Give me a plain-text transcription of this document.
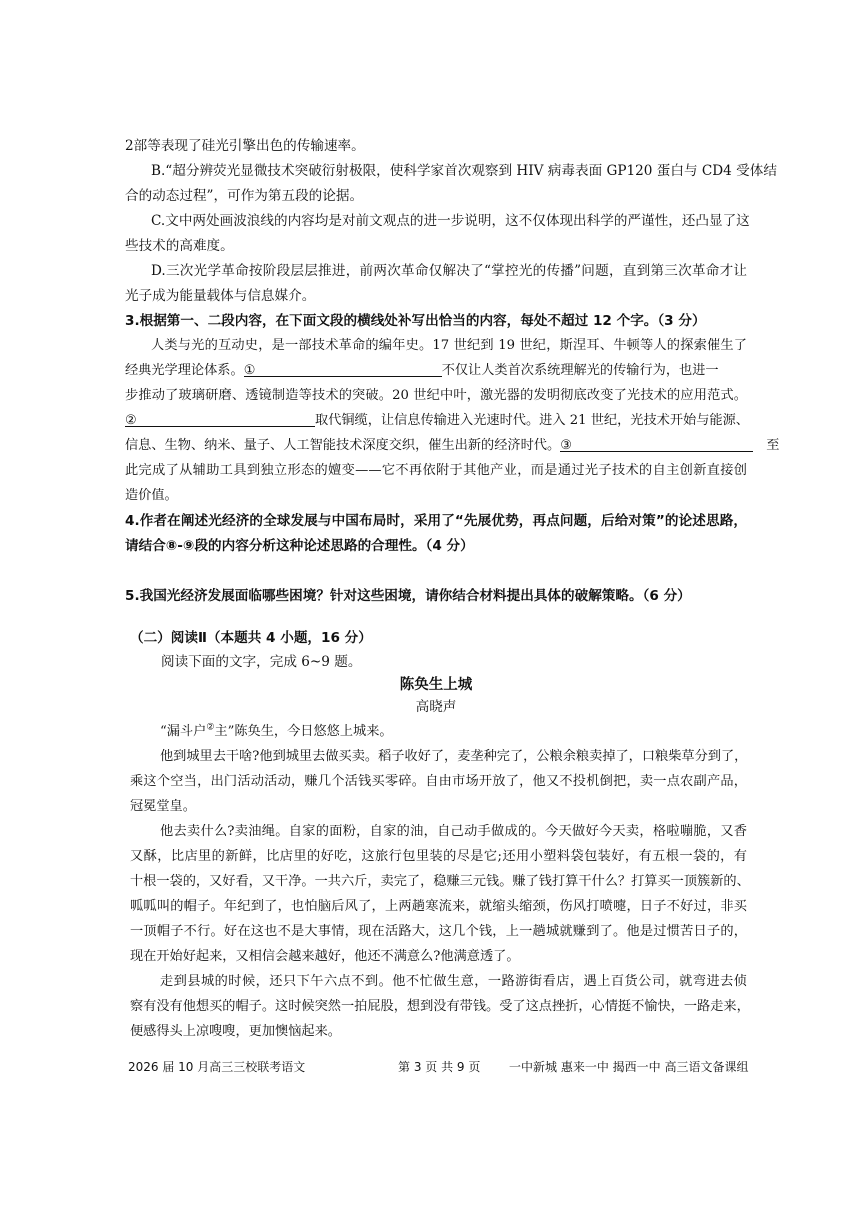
2部等表现了硅光引擎出色的传输速率。
B.“超分辨荧光显微技术突破衍射极限，使科学家首次观察到 HIV 病毒表面 GP120 蛋白与 CD4 受体结
合的动态过程”，可作为第五段的论据。
C.文中两处画波浪线的内容均是对前文观点的进一步说明，这不仅体现出科学的严谨性，还凸显了这
些技术的高难度。
D.三次光学革命按阶段层层推进，前两次革命仅解决了“掌控光的传播”问题，直到第三次革命才让
光子成为能量载体与信息媒介。
3.根据第一、二段内容，在下面文段的横线处补写出恰当的内容，每处不超过 12 个字。（3 分）
人类与光的互动史，是一部技术革命的编年史。17 世纪到 19 世纪，斯涅耳、牛顿等人的探索催生了
经典光学理论体系。①	不仅让人类首次系统理解光的传输行为，也进一
步推动了玻璃研磨、透镜制造等技术的突破。20 世纪中叶，激光器的发明彻底改变了光技术的应用范式。
②	取代铜缆，让信息传输进入光速时代。进入 21 世纪，光技术开始与能源、
信息、生物、纳米、量子、人工智能技术深度交织，催生出新的经济时代。③	至
此完成了从辅助工具到独立形态的嬗变——它不再依附于其他产业，而是通过光子技术的自主创新直接创
造价值。
4.作者在阐述光经济的全球发展与中国布局时，采用了“先展优势，再点问题，后给对策”的论述思路，
请结合⑧-⑨段的内容分析这种论述思路的合理性。（4 分）
5.我国光经济发展面临哪些困境？针对这些困境，请你结合材料提出具体的破解策略。（6 分）
（二）阅读Ⅱ（本题共 4 小题，16 分）
阅读下面的文字，完成 6~9 题。
陈奂生上城
高晓声
“漏斗户②主”陈奂生，今日悠悠上城来。
他到城里去干啥?他到城里去做买卖。稻子收好了，麦垄种完了，公粮余粮卖掉了，口粮柴草分到了，
乘这个空当，出门活动活动，赚几个活钱买零碎。自由市场开放了，他又不投机倒把，卖一点农副产品，
冠冕堂皇。
他去卖什么?卖油绳。自家的面粉，自家的油，自己动手做成的。今天做好今天卖，格啦嘣脆，又香
又酥，比店里的新鲜，比店里的好吃，这旅行包里装的尽是它;还用小塑料袋包装好，有五根一袋的，有
十根一袋的，又好看，又干净。一共六斤，卖完了，稳赚三元钱。赚了钱打算干什么？打算买一顶簇新的、
呱呱叫的帽子。年纪到了，也怕脑后风了，上两趟寒流来，就缩头缩颈，伤风打喷嚏，日子不好过，非买
一顶帽子不行。好在这也不是大事情，现在活路大，这几个钱，上一趟城就赚到了。他是过惯苦日子的，
现在开始好起来，又相信会越来越好，他还不满意么?他满意透了。
走到县城的时候，还只下午六点不到。他不忙做生意，一路游街看店，遇上百货公司，就弯进去侦
察有没有他想买的帽子。这时候突然一拍屁股，想到没有带钱。受了这点挫折，心情挺不愉快，一路走来，
便感得头上凉嗖嗖，更加懊恼起来。
2026 届 10 月高三三校联考语文	第 3 页 共 9 页 一中新城 惠来一中 揭西一中 高三语文备课组
